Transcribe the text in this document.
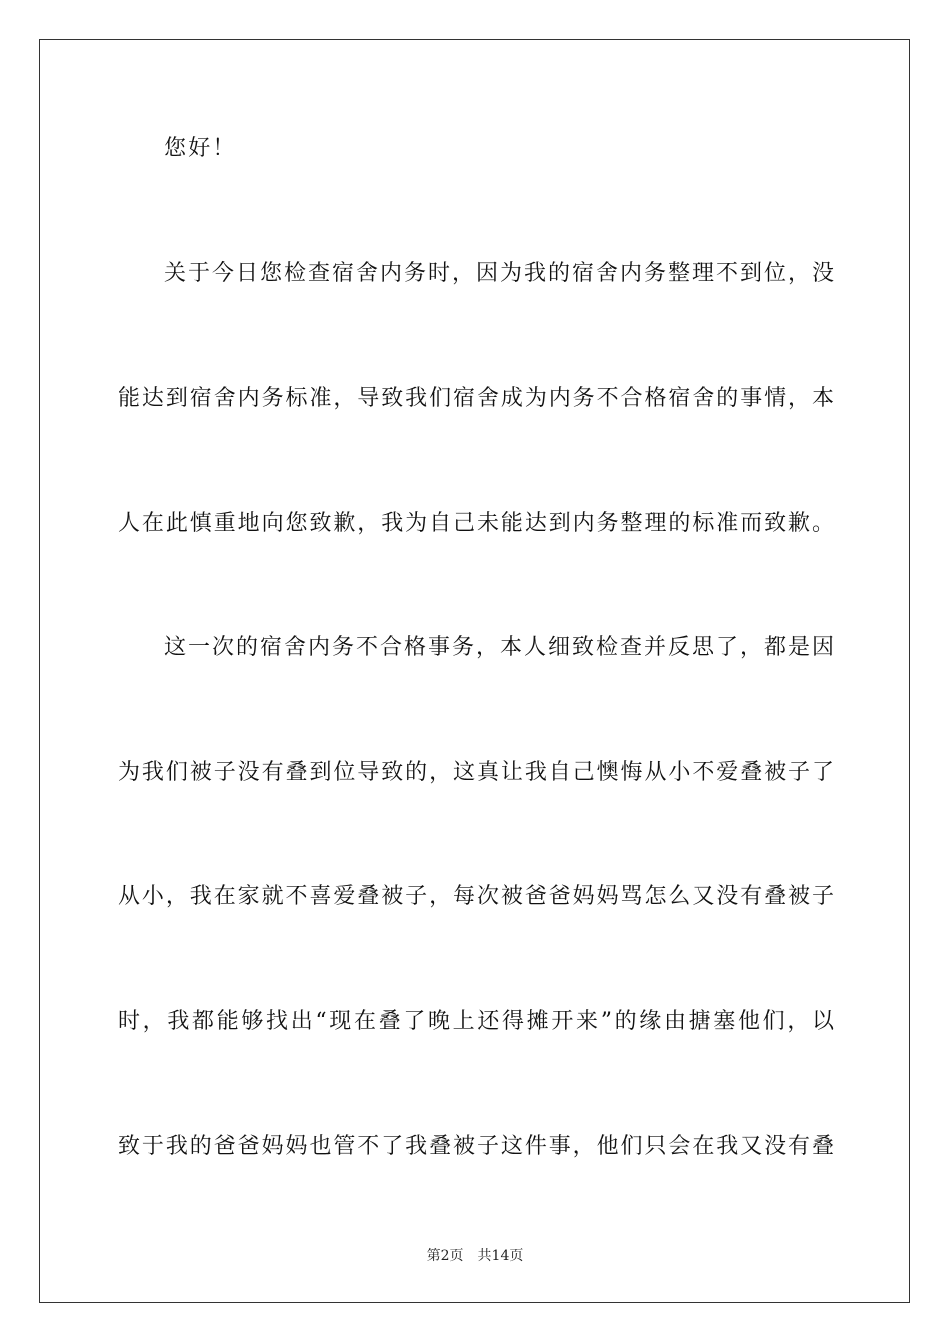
您好！
关于今日您检查宿舍内务时，因为我的宿舍内务整理不到位，没
能达到宿舍内务标准，导致我们宿舍成为内务不合格宿舍的事情，本
人在此慎重地向您致歉，我为自己未能达到内务整理的标准而致歉。
这一次的宿舍内务不合格事务，本人细致检查并反思了，都是因
为我们被子没有叠到位导致的，这真让我自己懊悔从小不爱叠被子了
从小，我在家就不喜爱叠被子，每次被爸爸妈妈骂怎么又没有叠被子
时，我都能够找出“现在叠了晚上还得摊开来”的缘由搪塞他们，以
致于我的爸爸妈妈也管不了我叠被子这件事，他们只会在我又没有叠
第2页 共14页
